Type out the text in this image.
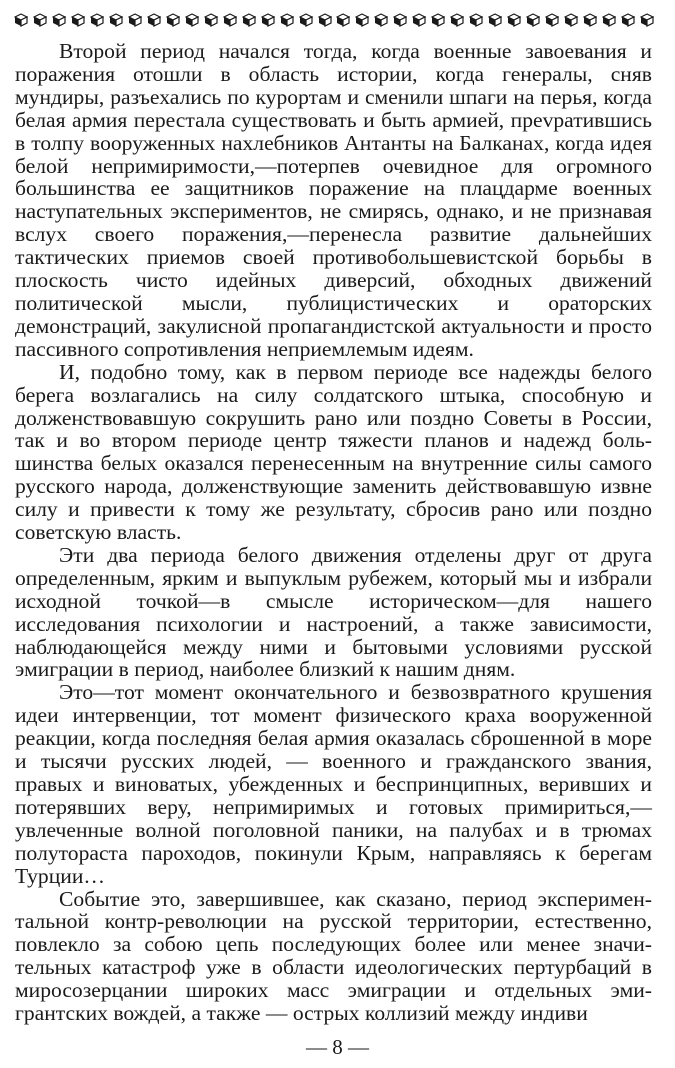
Второй период начался тогда, когда военные завоевания и поражения отошли в область истории, когда генералы, сняв мундиры, разъехались по курортам и сменили шпаги на перья, когда белая армия перестала существовать и быть армией, преvратившись в толпу вооруженных нахлебников Антанты на Балканах, когда идея белой непримиримости,—потерпев очевидное для огромного большинства ее защитников поражение на плацдарме военных наступательных экспериментов, не смирясь, однако, и не признавая вслух своего поражения,—перенесла развитие дальнейших тактических приемов своей противобольшевистской борьбы в плоскость чисто идейных диверсий, обходных движений политической мысли, публицистических и ораторских демонстраций, закулисной пропагандистской актуальности и просто пассивного сопротивления неприемлемым идеям.

И, подобно тому, как в первом периоде все надежды белого берега возлагались на силу солдатского штыка, способную и долженствовавшую сокрушить рано или поздно Советы в России, так и во втором периоде центр тяжести планов и надежд большинства белых оказался перенесенным на внутренние силы самого русского народа, долженствующие заменить действовавшую извне силу и привести к тому же результату, сбросив рано или поздно советскую власть.

Эти два периода белого движения отделены друг от друга определенным, ярким и выпуклым рубежем, который мы и избрали исходной точкой—в смысле историческом—для нашего исследования психологии и настроений, а также зависимости, наблюдающейся между ними и бытовыми условиями русской эмиграции в период, наиболее близкий к нашим дням.

Это—тот момент окончательного и безвозвратного крушения идеи интервенции, тот момент физического краха вооруженной реакции, когда последняя белая армия оказалась сброшенной в море и тысячи русских людей, — военного и гражданского звания, правых и виноватых, убежденных и беспринципных, веривших и потерявших веру, непримиримых и готовых примириться,—увлеченные волной поголовной паники, на палубах и в трюмах полутораста пароходов, покинули Крым, направляясь к берегам Турции…

Событие это, завершившее, как сказано, период экспериментальной контр-революции на русской территории, естественно, повлекло за собою цепь последующих более или менее значительных катастроф уже в области идеологических пертурбаций в миросозерцании широких масс эмиграции и отдельных эмигрантских вождей, а также — острых коллизий между индиви

— 8 —
